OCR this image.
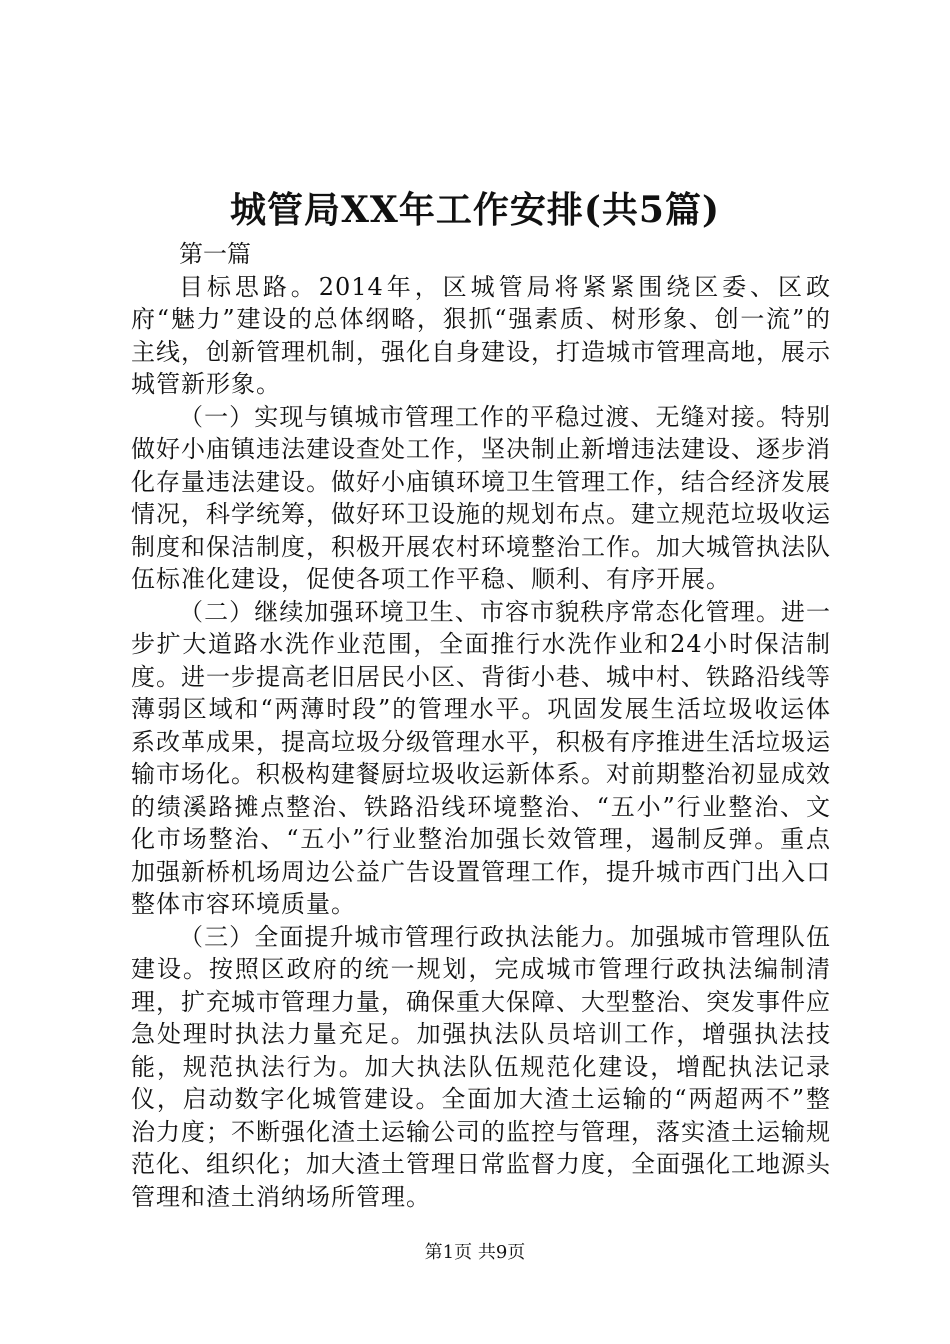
城管局XX年工作安排(共5篇)

第一篇

目标思路。2014年，区城管局将紧紧围绕区委、区政府“魅力”建设的总体纲略，狠抓“强素质、树形象、创一流”的主线，创新管理机制，强化自身建设，打造城市管理高地，展示城管新形象。

（一）实现与镇城市管理工作的平稳过渡、无缝对接。特别做好小庙镇违法建设查处工作，坚决制止新增违法建设、逐步消化存量违法建设。做好小庙镇环境卫生管理工作，结合经济发展情况，科学统筹，做好环卫设施的规划布点。建立规范垃圾收运制度和保洁制度，积极开展农村环境整治工作。加大城管执法队伍标准化建设，促使各项工作平稳、顺利、有序开展。

（二）继续加强环境卫生、市容市貌秩序常态化管理。进一步扩大道路水洗作业范围，全面推行水洗作业和24小时保洁制度。进一步提高老旧居民小区、背街小巷、城中村、铁路沿线等薄弱区域和“两薄时段”的管理水平。巩固发展生活垃圾收运体系改革成果，提高垃圾分级管理水平，积极有序推进生活垃圾运输市场化。积极构建餐厨垃圾收运新体系。对前期整治初显成效的绩溪路摊点整治、铁路沿线环境整治、“五小”行业整治、文化市场整治、“五小”行业整治加强长效管理，遏制反弹。重点加强新桥机场周边公益广告设置管理工作，提升城市西门出入口整体市容环境质量。

（三）全面提升城市管理行政执法能力。加强城市管理队伍建设。按照区政府的统一规划，完成城市管理行政执法编制清理，扩充城市管理力量，确保重大保障、大型整治、突发事件应急处理时执法力量充足。加强执法队员培训工作，增强执法技能，规范执法行为。加大执法队伍规范化建设，增配执法记录仪，启动数字化城管建设。全面加大渣土运输的“两超两不”整治力度；不断强化渣土运输公司的监控与管理，落实渣土运输规范化、组织化；加大渣土管理日常监督力度，全面强化工地源头管理和渣土消纳场所管理。

第1页 共9页
